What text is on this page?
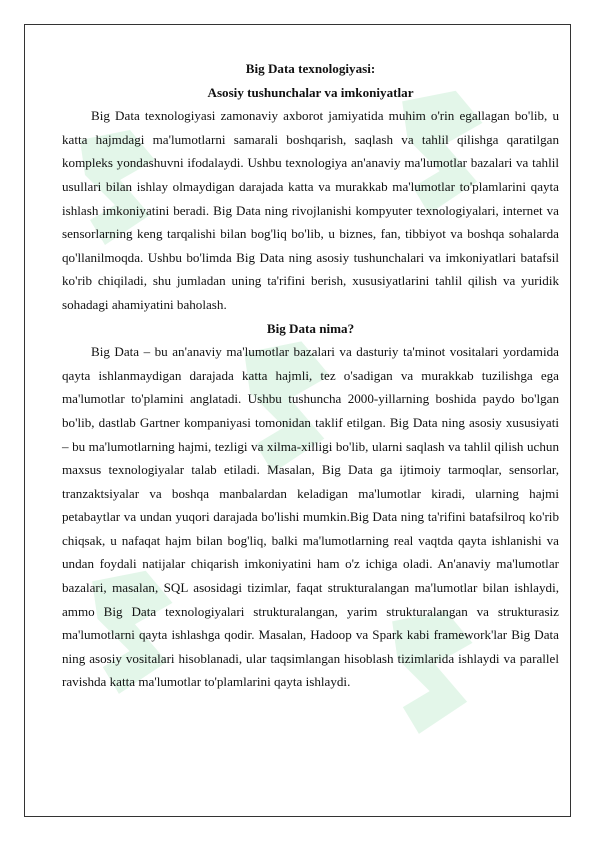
Big Data texnologiyasi:
Asosiy tushunchalar va imkoniyatlar

Big Data texnologiyasi zamonaviy axborot jamiyatida muhim o'rin egallagan bo'lib, u katta hajmdagi ma'lumotlarni samarali boshqarish, saqlash va tahlil qilishga qaratilgan kompleks yondashuvni ifodalaydi. Ushbu texnologiya an'anaviy ma'lumotlar bazalari va tahlil usullari bilan ishlay olmaydigan darajada katta va murakkab ma'lumotlar to'plamlarini qayta ishlash imkoniyatini beradi. Big Data ning rivojlanishi kompyuter texnologiyalari, internet va sensorlarning keng tarqalishi bilan bog'liq bo'lib, u biznes, fan, tibbiyot va boshqa sohalarda qo'llanilmoqda. Ushbu bo'limda Big Data ning asosiy tushunchalari va imkoniyatlari batafsil ko'rib chiqiladi, shu jumladan uning ta'rifini berish, xususiyatlarini tahlil qilish va yuridik sohadagi ahamiyatini baholash.

Big Data nima?

Big Data – bu an'anaviy ma'lumotlar bazalari va dasturiy ta'minot vositalari yordamida qayta ishlanmaydigan darajada katta hajmli, tez o'sadigan va murakkab tuzilishga ega ma'lumotlar to'plamini anglatadi. Ushbu tushuncha 2000-yillarning boshida paydo bo'lgan bo'lib, dastlab Gartner kompaniyasi tomonidan taklif etilgan. Big Data ning asosiy xususiyati – bu ma'lumotlarning hajmi, tezligi va xilma-xilligi bo'lib, ularni saqlash va tahlil qilish uchun maxsus texnologiyalar talab etiladi. Masalan, Big Data ga ijtimoiy tarmoqlar, sensorlar, tranzaktsiyalar va boshqa manbalardan keladigan ma'lumotlar kiradi, ularning hajmi petabaytlar va undan yuqori darajada bo'lishi mumkin.Big Data ning ta'rifini batafsilroq ko'rib chiqsak, u nafaqat hajm bilan bog'liq, balki ma'lumotlarning real vaqtda qayta ishlanishi va undan foydali natijalar chiqarish imkoniyatini ham o'z ichiga oladi. An'anaviy ma'lumotlar bazalari, masalan, SQL asosidagi tizimlar, faqat strukturalangan ma'lumotlar bilan ishlaydi, ammo Big Data texnologiyalari strukturalangan, yarim strukturalangan va strukturasiz ma'lumotlarni qayta ishlashga qodir. Masalan, Hadoop va Spark kabi framework'lar Big Data ning asosiy vositalari hisoblanadi, ular taqsimlangan hisoblash tizimlarida ishlaydi va parallel ravishda katta ma'lumotlar to'plamlarini qayta ishlaydi.
